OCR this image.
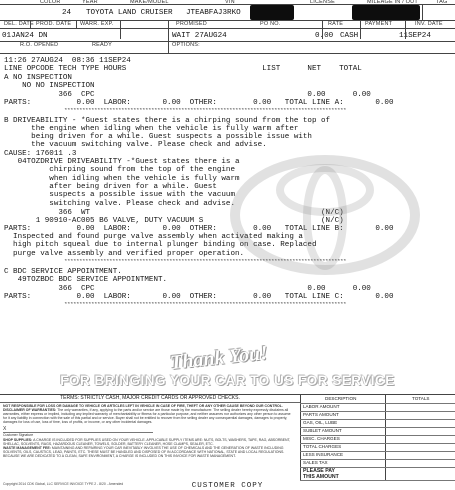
COLOR	YEAR	MAKE/MODEL	VIN	LICENSE	MILEAGE IN / OUT	TAG
24 TOYOTA LAND CRUISER JTEABFAJ3RKO
DEL. DATE PROD. DATE WARR. EXP.	PROMISED	PO NO.	RATE	PAYMENT	INV. DATE
01JAN24 DN	WAIT 27AUG24	0.00 CASH	11SEP24
R.O. OPENED	READY	OPTIONS:
11:26 27AUG24  08:36 11SEP24
LINE OPCODE TECH TYPE HOURS                              LIST      NET    TOTAL
A NO INSPECTION
NO NO INSPECTION
366  CPC                                               0.00      0.00
PARTS:          0.00  LABOR:       0.00  OTHER:        0.00   TOTAL LINE A:       0.00
**********************************************************************************************
B DRIVEABILITY - *Guest states there is a chirping sound from the top of
the engine when idling when the vehicle is fully warm after
being driven for a while. Guest suspects a possible issue with
the vacuum switching valve. Please check and advise.
CAUSE: 176011 .3
04TOZDRIVE DRIVEABILITY -*Guest states there is a
chirping sound from the top of the engine
when idling when the vehicle is fully warm
after being driven for a while. Guest
suspects a possible issue with the vacuum
switching valve. Please check and advise.
366  WT                                                   (N/C)
1 90910-AC005 B6 VALVE, DUTY VACUUM S                          (N/C)
PARTS:          0.00  LABOR:       0.00  OTHER:        0.00   TOTAL LINE B:       0.00
Inspected and found purge valve assembly when activated making a
high pitch squeal due to internal plunger binding on case. Replaced
purge valve assembly and verified proper operation.
**********************************************************************************************
C BDC SERVICE APPOINTMENT.
49TOZBDC BDC SERVICE APPOINTMENT.
366  CPC                                               0.00      0.00
PARTS:          0.00  LABOR:       0.00  OTHER:        0.00   TOTAL LINE C:       0.00
**********************************************************************************************
Thank You!
FOR BRINGING YOUR CAR TO US FOR SERVICE
TERMS: STRICTLY CASH, MAJOR CREDIT CARDS OR APPROVED CHECKS.
NOT RESPONSIBLE FOR LOSS OR DAMAGE TO VEHICLE OR ARTICLES LEFT IN VEHICLE IN CASE OF FIRE, THEFT OR ANY OTHER CAUSE BEYOND OUR CONTROL.
DISCLAIMER OF WARRANTIES: The only warranties, if any, applying to the parts and/or service are those made by the manufacturer. The selling dealer hereby expressly disclaims all warranties, either express or implied, including any implied warranty of merchantability or fitness for a particular purpose, and neither assumes nor authorizes any other person to assume for it any liability in connection with the sale of this partial and or service. Buyer shall not be entitled to recover from the selling dealer any consequential damages, damages to property, damages for loss of use, loss of time, loss of profits, or income, or any other incidental damages.
X
Customer Signature
SHOP SUPPLIES: A CHARGE IS INCLUDED FOR SUPPLIES USED ON YOUR VEHICLE. APPLICABLE SUPPLY ITEMS ARE: NUTS, BOLTS, WASHERS, TAPE, RAG, ABSORBENT, SHELLAC, SOLVENTS, RAGS, HAZARDOUS CLEANER, TOWELS, SOLDER, BATTERY CLEANER, HOSE CLAMPS, SEALER, ETC.
WASTE MANAGEMENT FEE: MAINTAINING AND REPAIRING YOUR CAR INEVITABLY INVOLVES THE USE OF CHEMICALS AND THE GENERATION OF WASTE INCLUDING SOLVENTS, OILS, CAUSTICS, LEAD, PAINTS, ETC. THESE MUST BE HANDLED AND DISPOSED OF IN ACCORDANCE WITH NATIONAL, STATE AND LOCAL REGULATIONS. BECAUSE WE ARE DEDICATED TO A CLEAN, SAFE ENVIRONMENT, A CHARGE IS INCLUDED ON THIS INVOICE FOR WASTE MANAGEMENT.
DESCRIPTION	TOTALS
LABOR AMOUNT
PARTS AMOUNT
GAS, OIL, LUBE
SUBLET AMOUNT
MISC. CHARGES
TOTAL CHARGES
LESS INSURANCE
SALES TAX
PLEASE PAY
THIS AMOUNT
Copyright 2014 CDK Global, LLC SERVICE INVOICE TYPE 2 - 8/20 - Amended	CUSTOMER COPY
